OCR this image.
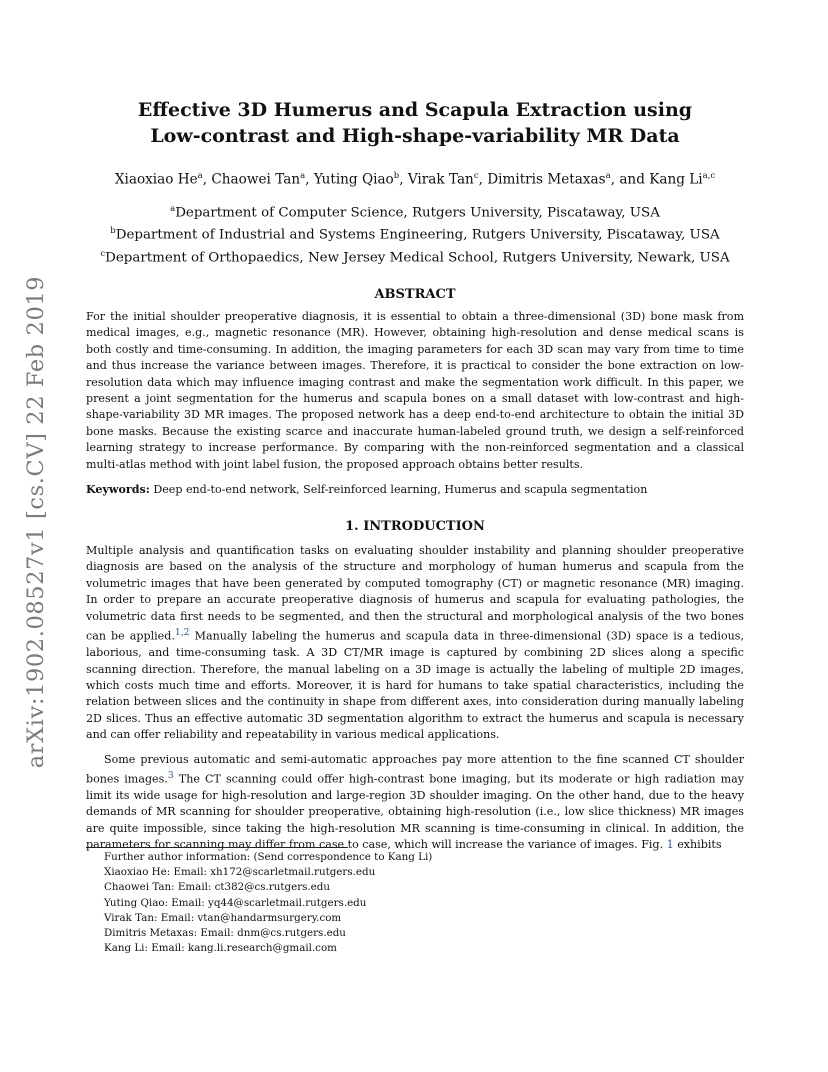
arXiv:1902.08527v1 [cs.CV] 22 Feb 2019
Effective 3D Humerus and Scapula Extraction using
Low-contrast and High-shape-variability MR Data
Xiaoxiao He$^a$, Chaowei Tan$^a$, Yuting Qiao$^b$, Virak Tan$^c$, Dimitris Metaxas$^a$, and Kang Li$^{a,c}$
$^a$Department of Computer Science, Rutgers University, Piscataway, USA
$^b$Department of Industrial and Systems Engineering, Rutgers University, Piscataway, USA
$^c$Department of Orthopaedics, New Jersey Medical School, Rutgers University, Newark, USA
ABSTRACT
For the initial shoulder preoperative diagnosis, it is essential to obtain a three-dimensional (3D) bone mask from medical images, e.g., magnetic resonance (MR). However, obtaining high-resolution and dense medical scans is both costly and time-consuming. In addition, the imaging parameters for each 3D scan may vary from time to time and thus increase the variance between images. Therefore, it is practical to consider the bone extraction on low-resolution data which may influence imaging contrast and make the segmentation work difficult. In this paper, we present a joint segmentation for the humerus and scapula bones on a small dataset with low-contrast and high-shape-variability 3D MR images. The proposed network has a deep end-to-end architecture to obtain the initial 3D bone masks. Because the existing scarce and inaccurate human-labeled ground truth, we design a self-reinforced learning strategy to increase performance. By comparing with the non-reinforced segmentation and a classical multi-atlas method with joint label fusion, the proposed approach obtains better results.
Keywords: Deep end-to-end network, Self-reinforced learning, Humerus and scapula segmentation
1. INTRODUCTION

Multiple analysis and quantification tasks on evaluating shoulder instability and planning shoulder preoperative diagnosis are based on the analysis of the structure and morphology of human humerus and scapula from the volumetric images that have been generated by computed tomography (CT) or magnetic resonance (MR) imaging. In order to prepare an accurate preoperative diagnosis of humerus and scapula for evaluating pathologies, the volumetric data first needs to be segmented, and then the structural and morphological analysis of the two bones can be applied.$^{1,2}$ Manually labeling the humerus and scapula data in three-dimensional (3D) space is a tedious, laborious, and time-consuming task. A 3D CT/MR image is captured by combining 2D slices along a specific scanning direction. Therefore, the manual labeling on a 3D image is actually the labeling of multiple 2D images, which costs much time and efforts. Moreover, it is hard for humans to take spatial characteristics, including the relation between slices and the continuity in shape from different axes, into consideration during manually labeling 2D slices. Thus an effective automatic 3D segmentation algorithm to extract the humerus and scapula is necessary and can offer reliability and repeatability in various medical applications.

Some previous automatic and semi-automatic approaches pay more attention to the fine scanned CT shoulder bones images.$^3$ The CT scanning could offer high-contrast bone imaging, but its moderate or high radiation may limit its wide usage for high-resolution and large-region 3D shoulder imaging. On the other hand, due to the heavy demands of MR scanning for shoulder preoperative, obtaining high-resolution (i.e., low slice thickness) MR images are quite impossible, since taking the high-resolution MR scanning is time-consuming in clinical. In addition, the parameters for scanning may differ from case to case, which will increase the variance of images. Fig. 1 exhibits

Further author information: (Send correspondence to Kang Li)
Xiaoxiao He: Email: xh172@scarletmail.rutgers.edu
Chaowei Tan: Email: ct382@cs.rutgers.edu
Yuting Qiao: Email: yq44@scarletmail.rutgers.edu
Virak Tan: Email: vtan@handarmsurgery.com
Dimitris Metaxas: Email: dnm@cs.rutgers.edu
Kang Li: Email: kang.li.research@gmail.com
